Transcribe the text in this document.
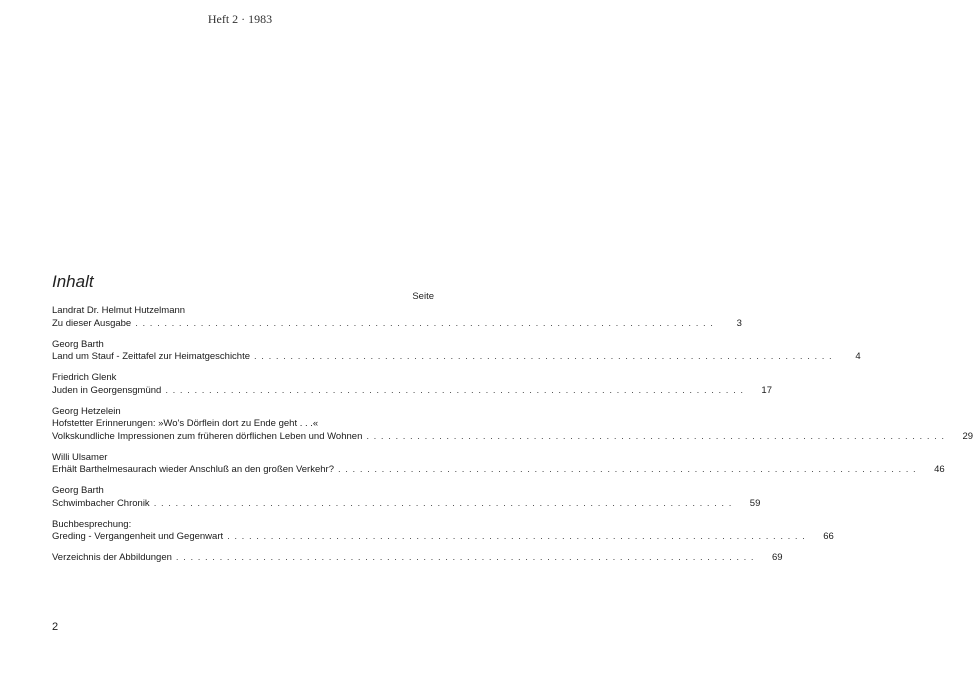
Heft 2 · 1983
Inhalt
Seite
Landrat Dr. Helmut Hutzelmann
Zu dieser Ausgabe . . . . . . . . . . . . . . . . . . . . . . . . . . . . . . . . . . . . . . . . . . . . . . . . . . . . . . . . . . . . . . . . . . . . . . . . . . . . . . . .	3
Georg Barth
Land um Stauf - Zeittafel zur Heimatgeschichte . . . . . . . . . . . . . . . . . . . . . . . . . . . . . . . . . . . . . . . . . . . . . . . . . . . . . . . . . . . . . . . . . . . . . . . . . . . . . . . .	4
Friedrich Glenk
Juden in Georgensgmünd . . . . . . . . . . . . . . . . . . . . . . . . . . . . . . . . . . . . . . . . . . . . . . . . . . . . . . . . . . . . . . . . . . . . . . . . . . . . . . . .	17
Georg Hetzelein
Hofstetter Erinnerungen: »Wo's Dörflein dort zu Ende geht . . .«
Volkskundliche Impressionen zum früheren dörflichen Leben und Wohnen . . . . . . . . . . . . . . . . . . . . . . . . . . . . . . . . . . . . . . . . . . . . . . . . . . . . . . . . . . . . . . . . . . . . . . . . . . . . . . . .	29
Willi Ulsamer
Erhält Barthelmesaurach wieder Anschluß an den großen Verkehr? . . . . . . . . . . . . . . . . . . . . . . . . . . . . . . . . . . . . . . . . . . . . . . . . . . . . . . . . . . . . . . . . . . . . . . . . . . . . . . . .	46
Georg Barth
Schwimbacher Chronik . . . . . . . . . . . . . . . . . . . . . . . . . . . . . . . . . . . . . . . . . . . . . . . . . . . . . . . . . . . . . . . . . . . . . . . . . . . . . . . .	59
Buchbesprechung:
Greding - Vergangenheit und Gegenwart . . . . . . . . . . . . . . . . . . . . . . . . . . . . . . . . . . . . . . . . . . . . . . . . . . . . . . . . . . . . . . . . . . . . . . . . . . . . . . . .	66
Verzeichnis der Abbildungen . . . . . . . . . . . . . . . . . . . . . . . . . . . . . . . . . . . . . . . . . . . . . . . . . . . . . . . . . . . . . . . . . . . . . . . . . . . . . . . .	69
2
